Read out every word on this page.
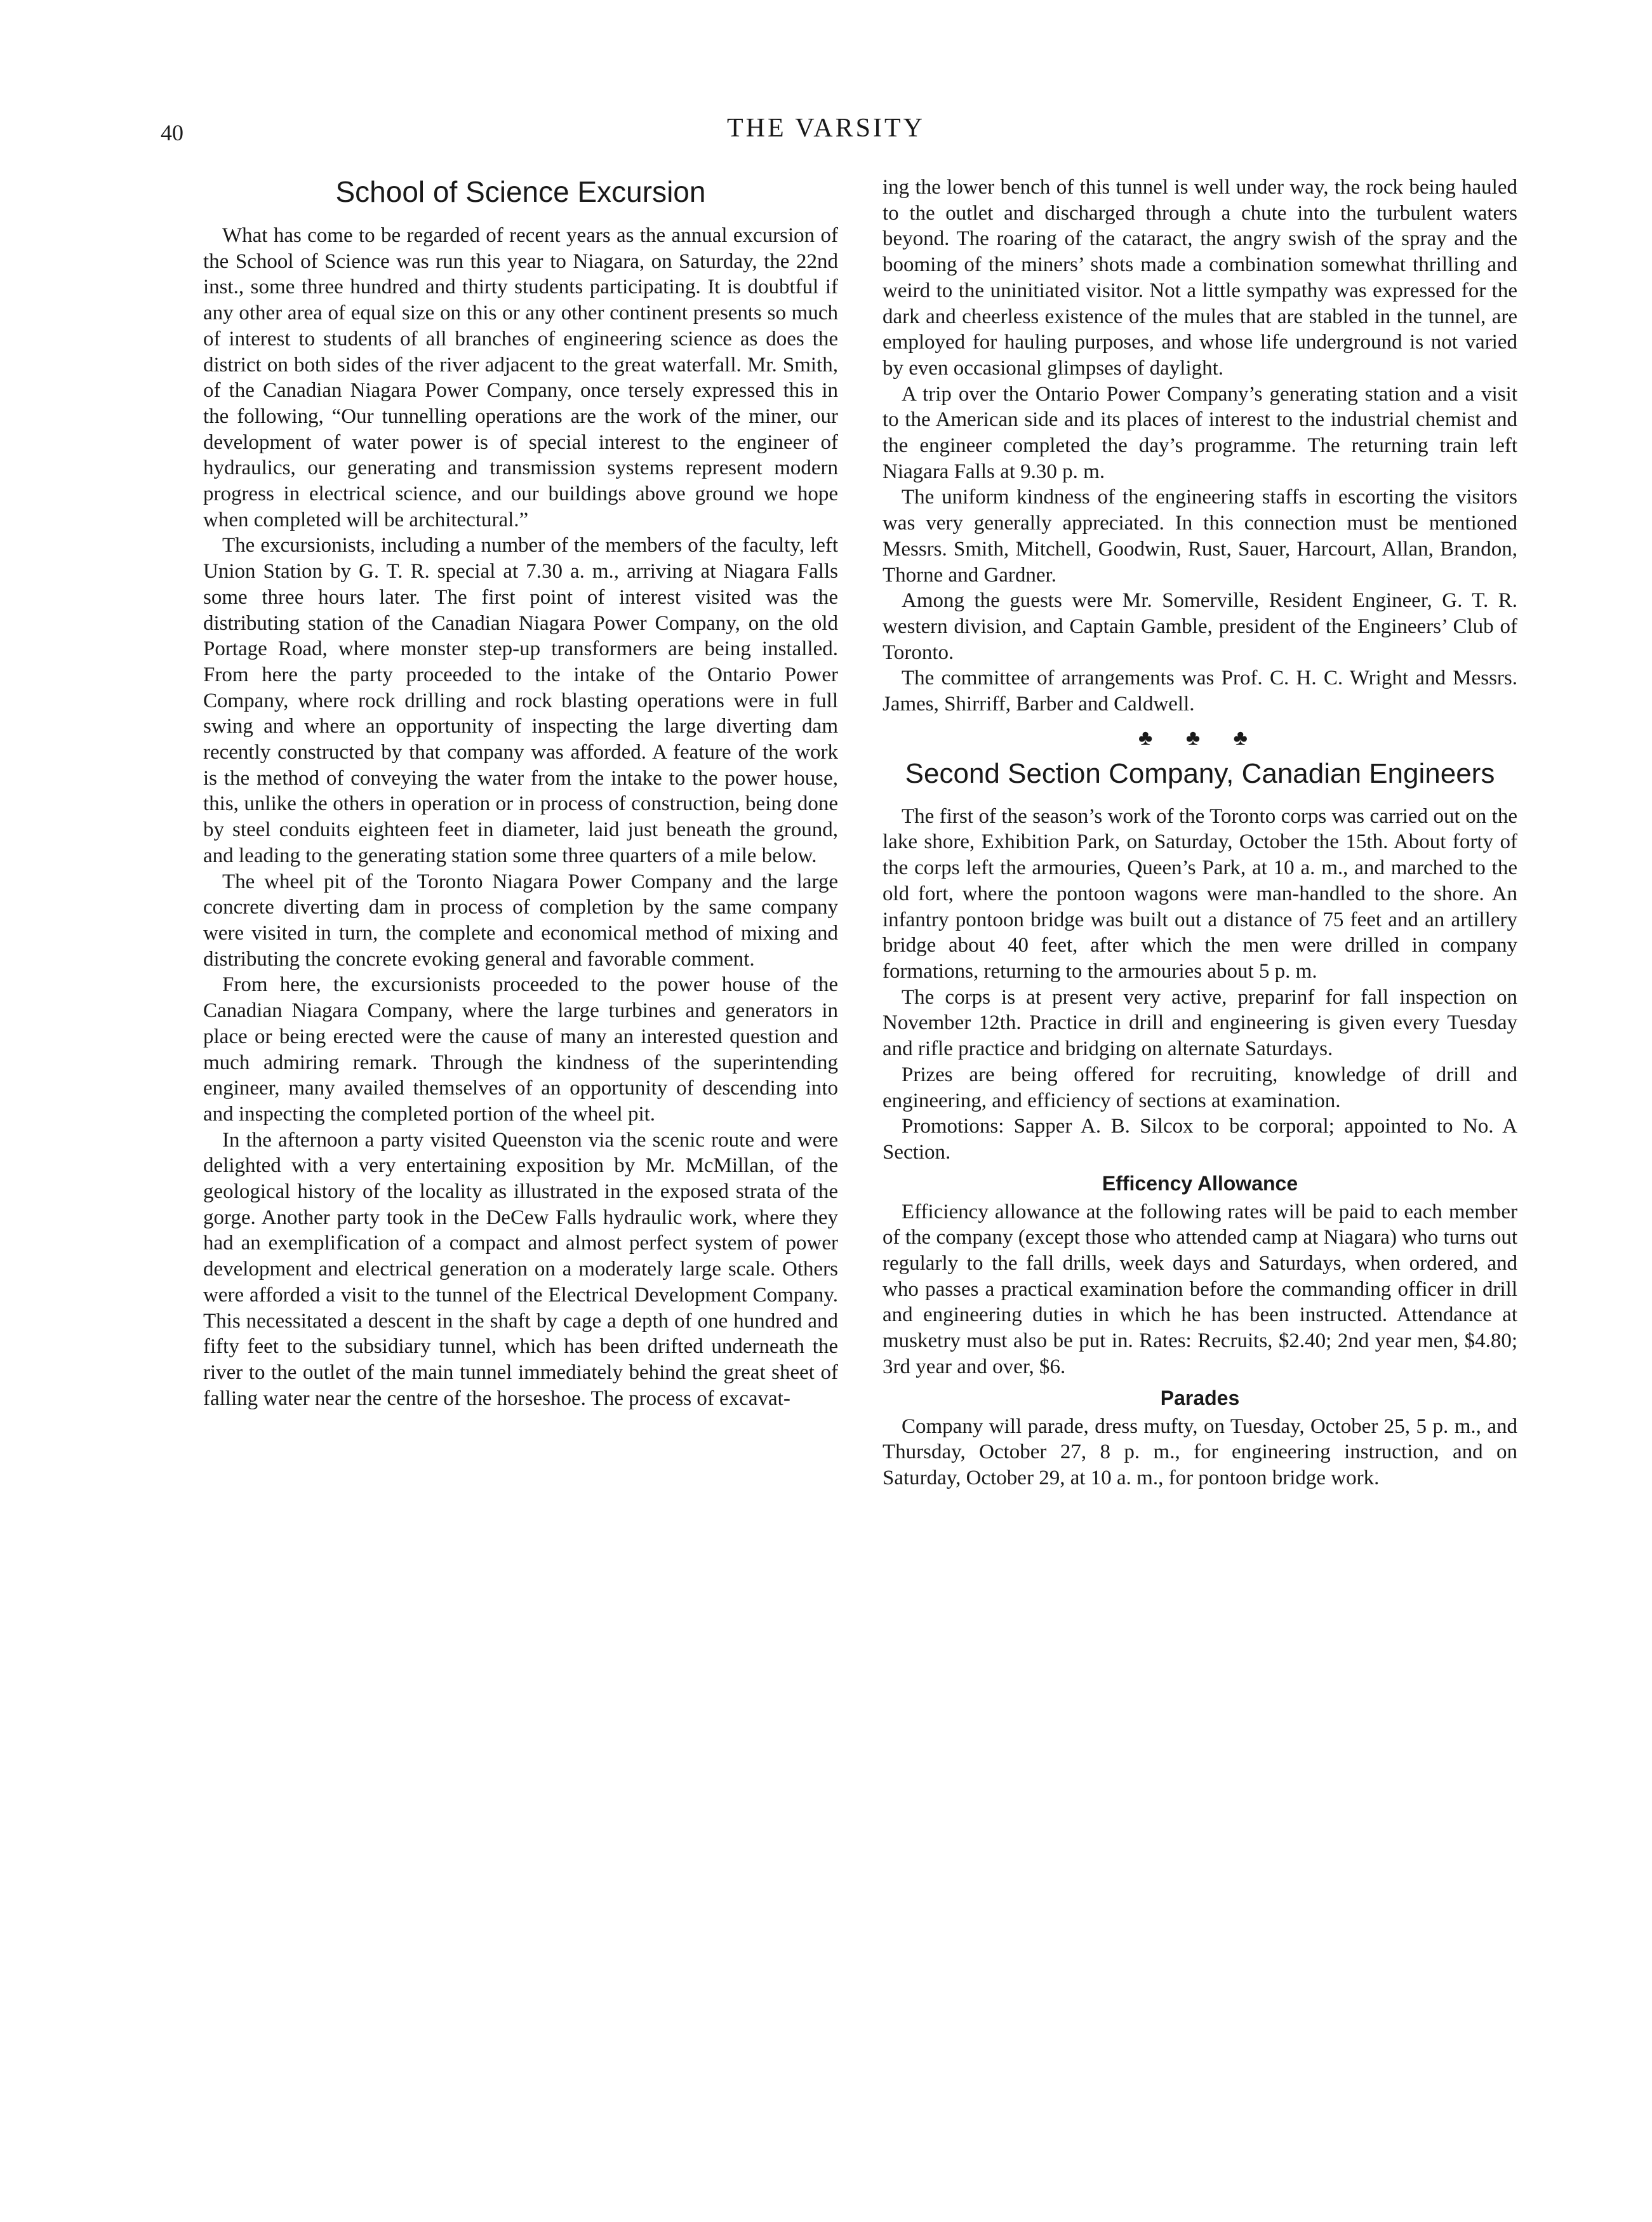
40	THE VARSITY
School of Science Excursion

What has come to be regarded of recent years as the annual excursion of the School of Science was run this year to Niagara, on Saturday, the 22nd inst., some three hundred and thirty students participating. It is doubtful if any other area of equal size on this or any other continent presents so much of interest to students of all branches of engineering science as does the district on both sides of the river adjacent to the great waterfall. Mr. Smith, of the Canadian Niagara Power Company, once tersely expressed this in the following, “Our tunnelling operations are the work of the miner, our development of water power is of special interest to the engineer of hydraulics, our generating and transmission systems represent modern progress in electrical science, and our buildings above ground we hope when completed will be architectural.”

The excursionists, including a number of the members of the faculty, left Union Station by G. T. R. special at 7.30 a. m., arriving at Niagara Falls some three hours later. The first point of interest visited was the distributing station of the Canadian Niagara Power Company, on the old Portage Road, where monster step-up transformers are being installed. From here the party proceeded to the intake of the Ontario Power Company, where rock drilling and rock blasting operations were in full swing and where an opportunity of inspecting the large diverting dam recently constructed by that company was afforded. A feature of the work is the method of conveying the water from the intake to the power house, this, unlike the others in operation or in process of construction, being done by steel conduits eighteen feet in diameter, laid just beneath the ground, and leading to the generating station some three quarters of a mile below.

The wheel pit of the Toronto Niagara Power Company and the large concrete diverting dam in process of completion by the same company were visited in turn, the complete and economical method of mixing and distributing the concrete evoking general and favorable comment.

From here, the excursionists proceeded to the power house of the Canadian Niagara Company, where the large turbines and generators in place or being erected were the cause of many an interested question and much admiring remark. Through the kindness of the superintending engineer, many availed themselves of an opportunity of descending into and inspecting the completed portion of the wheel pit.

In the afternoon a party visited Queenston via the scenic route and were delighted with a very entertaining exposition by Mr. McMillan, of the geological history of the locality as illustrated in the exposed strata of the gorge. Another party took in the DeCew Falls hydraulic work, where they had an exemplification of a compact and almost perfect system of power development and electrical generation on a moderately large scale. Others were afforded a visit to the tunnel of the Electrical Development Company. This necessitated a descent in the shaft by cage a depth of one hundred and fifty feet to the subsidiary tunnel, which has been drifted underneath the river to the outlet of the main tunnel immediately behind the great sheet of falling water near the centre of the horseshoe. The process of excavat-

ing the lower bench of this tunnel is well under way, the rock being hauled to the outlet and discharged through a chute into the turbulent waters beyond. The roaring of the cataract, the angry swish of the spray and the booming of the miners’ shots made a combination somewhat thrilling and weird to the uninitiated visitor. Not a little sympathy was expressed for the dark and cheerless existence of the mules that are stabled in the tunnel, are employed for hauling purposes, and whose life underground is not varied by even occasional glimpses of daylight.

A trip over the Ontario Power Company’s generating station and a visit to the American side and its places of interest to the industrial chemist and the engineer completed the day’s programme. The returning train left Niagara Falls at 9.30 p. m.

The uniform kindness of the engineering staffs in escorting the visitors was very generally appreciated. In this connection must be mentioned Messrs. Smith, Mitchell, Goodwin, Rust, Sauer, Harcourt, Allan, Brandon, Thorne and Gardner.

Among the guests were Mr. Somerville, Resident Engineer, G. T. R. western division, and Captain Gamble, president of the Engineers’ Club of Toronto.

The committee of arrangements was Prof. C. H. C. Wright and Messrs. James, Shirriff, Barber and Caldwell.

♣ ♣ ♣
Second Section Company, Canadian Engineers

The first of the season’s work of the Toronto corps was carried out on the lake shore, Exhibition Park, on Saturday, October the 15th. About forty of the corps left the armouries, Queen’s Park, at 10 a. m., and marched to the old fort, where the pontoon wagons were man-handled to the shore. An infantry pontoon bridge was built out a distance of 75 feet and an artillery bridge about 40 feet, after which the men were drilled in company formations, returning to the armouries about 5 p. m.

The corps is at present very active, preparinf for fall inspection on November 12th. Practice in drill and engineering is given every Tuesday and rifle practice and bridging on alternate Saturdays.

Prizes are being offered for recruiting, knowledge of drill and engineering, and efficiency of sections at examination.

Promotions: Sapper A. B. Silcox to be corporal; appointed to No. A Section.

Efficency Allowance

Efficiency allowance at the following rates will be paid to each member of the company (except those who attended camp at Niagara) who turns out regularly to the fall drills, week days and Saturdays, when ordered, and who passes a practical examination before the commanding officer in drill and engineering duties in which he has been instructed. Attendance at musketry must also be put in. Rates: Recruits, $2.40; 2nd year men, $4.80; 3rd year and over, $6.

Parades

Company will parade, dress mufty, on Tuesday, October 25, 5 p. m., and Thursday, October 27, 8 p. m., for engineering instruction, and on Saturday, October 29, at 10 a. m., for pontoon bridge work.
